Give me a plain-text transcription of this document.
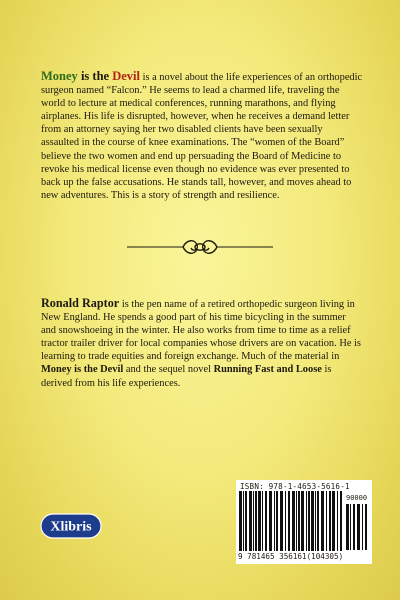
Money is the Devil is a novel about the life experiences of an orthopedic surgeon named “Falcon.” He seems to lead a charmed life, traveling the world to lecture at medical conferences, running marathons, and flying airplanes. His life is disrupted, however, when he receives a demand letter from an attorney saying her two disabled clients have been sexually assaulted in the course of knee examinations. The “women of the Board” believe the two women and end up persuading the Board of Medicine to revoke his medical license even though no evidence was ever presented to back up the false accusations. He stands tall, however, and moves ahead to new adventures. This is a story of strength and resilience.
Ronald Raptor is the pen name of a retired orthopedic surgeon living in New England. He spends a good part of his time bicycling in the summer and snowshoeing in the winter. He also works from time to time as a relief tractor trailer driver for local companies whose drivers are on vacation. He is learning to trade equities and foreign exchange. Much of the material in Money is the Devil and the sequel novel Running Fast and Loose is derived from his life experiences.
Xlibris
ISBN: 978-1-4653-5616-1
90000
9 781465 356161(104305)
